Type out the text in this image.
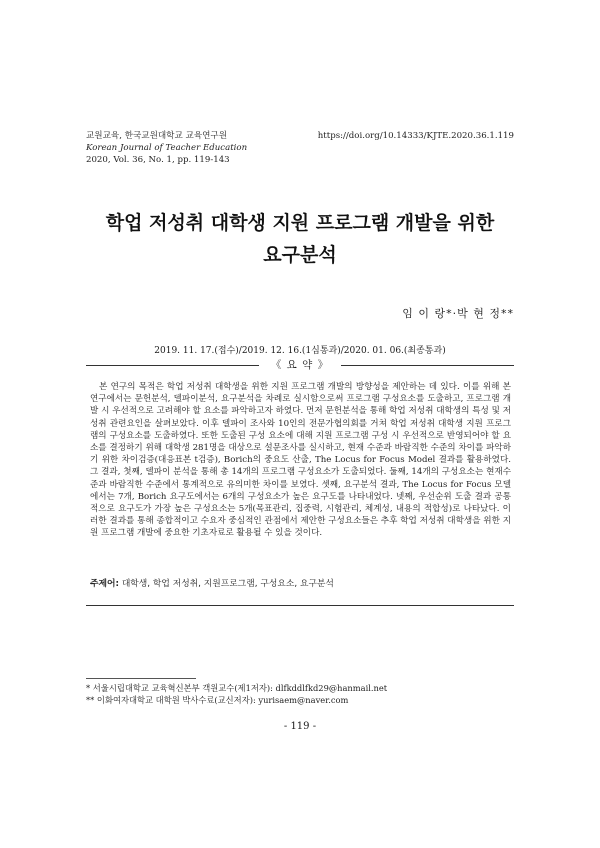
교원교육, 한국교원대학교 교육연구원
Korean Journal of Teacher Education
2020, Vol. 36, No. 1, pp. 119-143
https://doi.org/10.14333/KJTE.2020.36.1.119
학업 저성취 대학생 지원 프로그램 개발을 위한
요구분석
임 이 랑*·박 현 정**
2019. 11. 17.(접수)/2019. 12. 16.(1심통과)/2020. 01. 06.(최종통과)
《 요 약 》
본 연구의 목적은 학업 저성취 대학생을 위한 지원 프로그램 개발의 방향성을 제안하는 데 있다. 이를 위해 본 연구에서는 문헌분석, 델파이분석, 요구분석을 차례로 실시함으로써 프로그램 구성요소를 도출하고, 프로그램 개발 시 우선적으로 고려해야 할 요소를 파악하고자 하였다. 먼저 문헌분석을 통해 학업 저성취 대학생의 특성 및 저성취 관련요인을 살펴보았다. 이후 델파이 조사와 10인의 전문가협의회를 거쳐 학업 저성취 대학생 지원 프로그램의 구성요소를 도출하였다. 또한 도출된 구성 요소에 대해 지원 프로그램 구성 시 우선적으로 반영되어야 할 요소를 결정하기 위해 대학생 281명을 대상으로 설문조사를 실시하고, 현재 수준과 바람직한 수준의 차이를 파악하기 위한 차이검증(대응표본 t검증), Borich의 중요도 산출, The Locus for Focus Model 결과를 활용하였다. 그 결과, 첫째, 델파이 분석을 통해 총 14개의 프로그램 구성요소가 도출되었다. 둘째, 14개의 구성요소는 현재수준과 바람직한 수준에서 통계적으로 유의미한 차이를 보였다. 셋째, 요구분석 결과, The Locus for Focus 모델에서는 7개, Borich 요구도에서는 6개의 구성요소가 높은 요구도를 나타내었다. 넷째, 우선순위 도출 결과 공통적으로 요구도가 가장 높은 구성요소는 5개(목표관리, 집중력, 시험관리, 체계성, 내용의 적합성)로 나타났다. 이러한 결과를 통해 종합적이고 수요자 중심적인 관점에서 제안한 구성요소들은 추후 학업 저성취 대학생을 위한 지원 프로그램 개발에 중요한 기초자료로 활용될 수 있을 것이다.
주제어: 대학생, 학업 저성취, 지원프로그램, 구성요소, 요구분석
* 서울시립대학교 교육혁신본부 객원교수(제1저자): dlfkddlfkd29@hanmail.net
** 이화여자대학교 대학원 박사수료(교신저자): yurisaem@naver.com
- 119 -
